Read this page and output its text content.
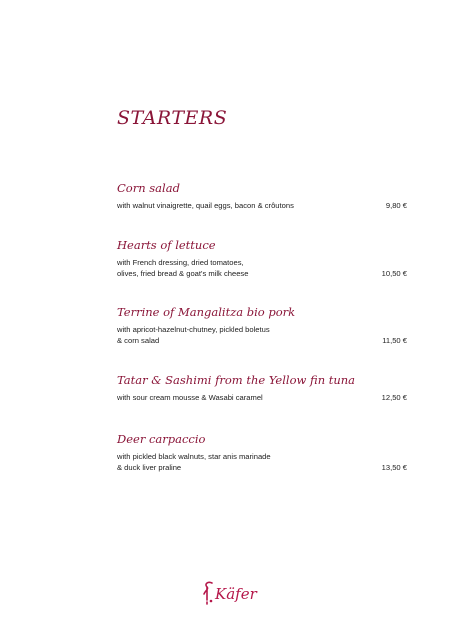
STARTERS
Corn salad
with walnut vinaigrette, quail eggs, bacon & crôutons	9,80 €
Hearts of lettuce
with French dressing, dried tomatoes,
olives, fried bread & goat's milk cheese	10,50 €
Terrine of Mangalitza bio pork
with apricot-hazelnut-chutney, pickled boletus
& corn salad	11,50 €
Tatar & Sashimi from the Yellow fin tuna
with sour cream mousse & Wasabi caramel	12,50 €
Deer carpaccio
with pickled black walnuts, star anis marinade
& duck liver praline	13,50 €
Käfer
